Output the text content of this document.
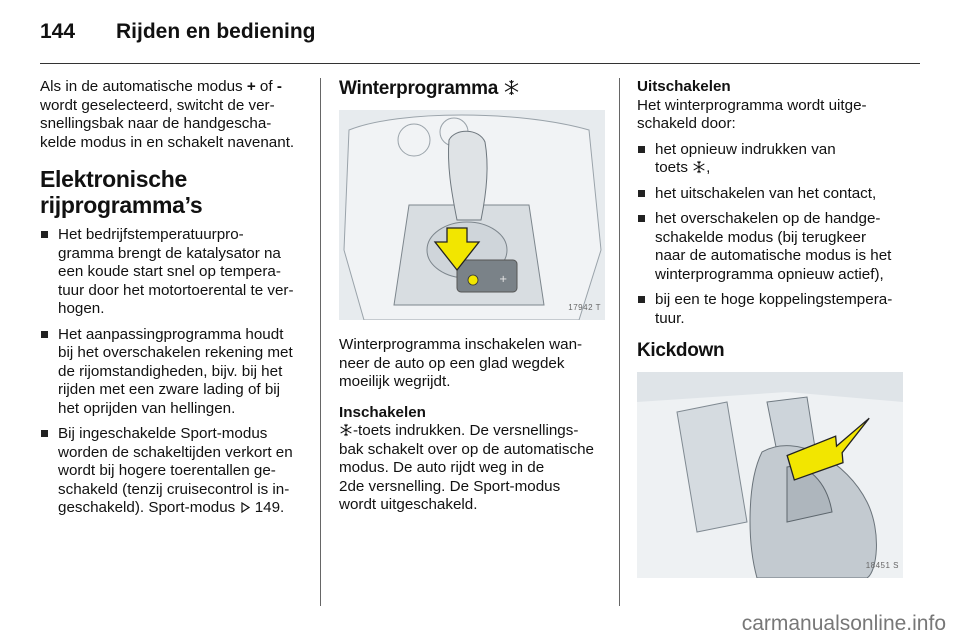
144 Rijden en bediening

Als in de automatische modus + of -
wordt geselecteerd, switcht de ver-
snellingsbak naar de handgescha-
kelde modus in en schakelt navenant.

Elektronische
rijprogramma’s
Het bedrijfstemperatuurpro-
gramma brengt de katalysator na
een koude start snel op tempera-
tuur door het motortoerental te ver-
hogen.
Het aanpassingprogramma houdt
bij het overschakelen rekening met
de rijomstandigheden, bijv. bij het
rijden met een zware lading of bij
het oprijden van hellingen.
Bij ingeschakelde Sport-modus
worden de schakeltijden verkort en
wordt bij hogere toerentallen ge-
schakeld (tenzij cruisecontrol is in-
geschakeld). Sport-modus  149.
Winterprogramma
+
17942 T

Winterprogramma inschakelen wan-
neer de auto op een glad wegdek
moeilijk wegrijdt.

Inschakelen

-toets indrukken. De versnellings-
bak schakelt over op de automatische
modus. De auto rijdt weg in de
2de versnelling. De Sport-modus
wordt uitgeschakeld.

Uitschakelen

Het winterprogramma wordt uitge-
schakeld door:

het opnieuw indrukken van
toets ,
het uitschakelen van het contact,
het overschakelen op de handge-
schakelde modus (bij terugkeer
naar de automatische modus is het
winterprogramma opnieuw actief),
bij een te hoge koppelingstempera-
tuur.
Kickdown
18451 S
carmanualsonline.info
